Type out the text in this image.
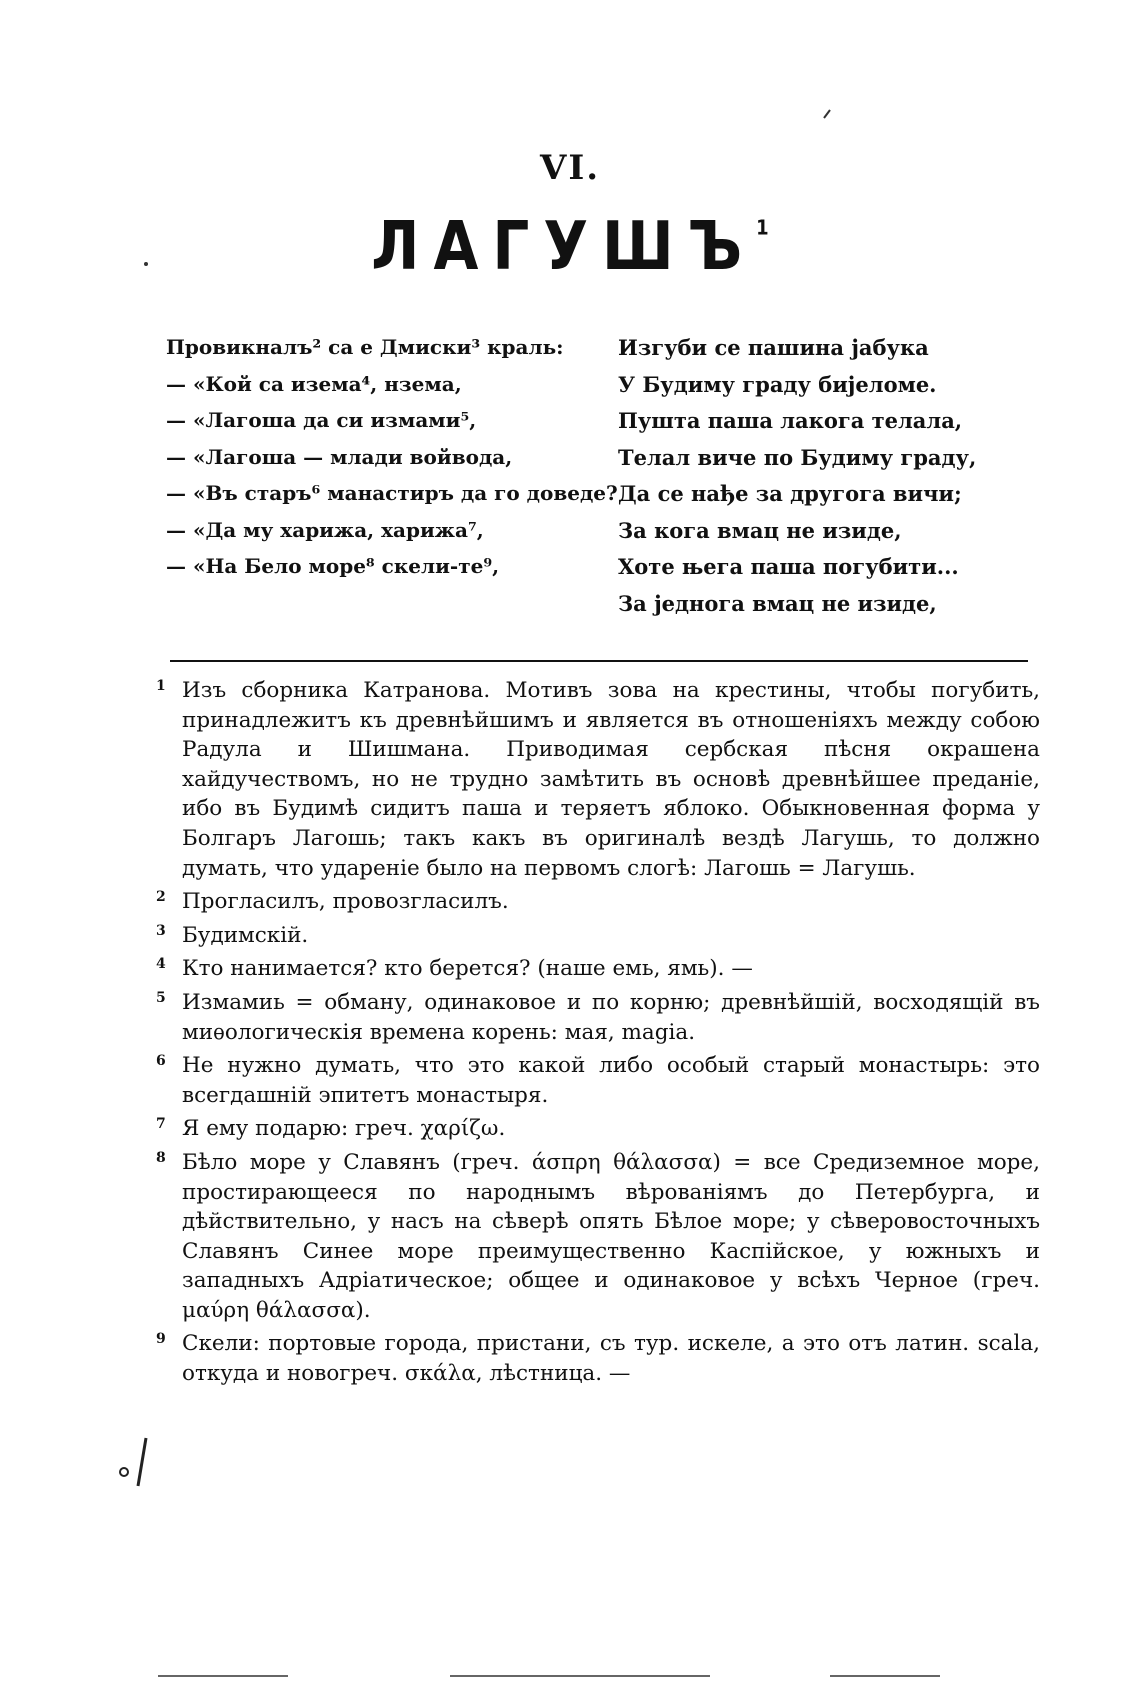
VI.
ЛАГУШЪ$^1$
Провикналъ² са е Дмиски³ краль:
— «Кой са изема⁴, нзема,
— «Лагоша да си измами⁵,
— «Лагоша — млади войвода,
— «Въ старъ⁶ манастиръ да го доведе?
— «Да му харижа, харижа⁷,
— «На Бело море⁸ скели-те⁹,
Изгуби се пашина јабука
У Будиму граду бијеломе.
Пушта паша лакога телала,
Телал виче по Будиму граду,
Да се нађе за другога вичи;
За кога вмац не изиде,
Хоте њега паша погубити...
За једнога вмац не изиде,
1 Изъ сборника Катранова. Мотивъ зова на крестины, чтобы погубить, принадлежитъ къ древнѣйшимъ и является въ отношеніяхъ между собою Радула и Шишмана. Приводимая сербская пѣсня окрашена хайдучествомъ, но не трудно замѣтить въ основѣ древнѣйшее преданіе, ибо въ Будимѣ сидитъ паша и теряетъ яблоко. Обыкновенная форма у Болгаръ Лагошь; такъ какъ въ оригиналѣ вездѣ Лагушь, то должно думать, что удареніе было на первомъ слогѣ: Лагошь = Лагушь.
2 Прогласилъ, провозгласилъ.
3 Будимскій.
4 Кто нанимается? кто берется? (наше емь, ямь). —
5 Измамиь = обману, одинаковое и по корню; древнѣйшій, восходящій въ миѳологическія времена корень: мая, magia.
6 Не нужно думать, что это какой либо особый старый монастырь: это всегдашній эпитетъ монастыря.
7 Я ему подарю: греч. χαρίζω.
8 Бѣло море у Славянъ (греч. άσπρη θάλασσα) = все Средиземное море, простирающееся по народнымъ вѣрованіямъ до Петербурга, и дѣйствительно, у насъ на сѣверѣ опять Бѣлое море; у сѣверовосточныхъ Славянъ Синее море преимущественно Каспійское, у южныхъ и западныхъ Адріатическое; общее и одинаковое у всѣхъ Черное (греч. μαύρη θάλασσα).
9 Скели: портовые города, пристани, съ тур. искеле, а это отъ латин. scala, откуда и новогреч. σκάλα, лѣстница. —
